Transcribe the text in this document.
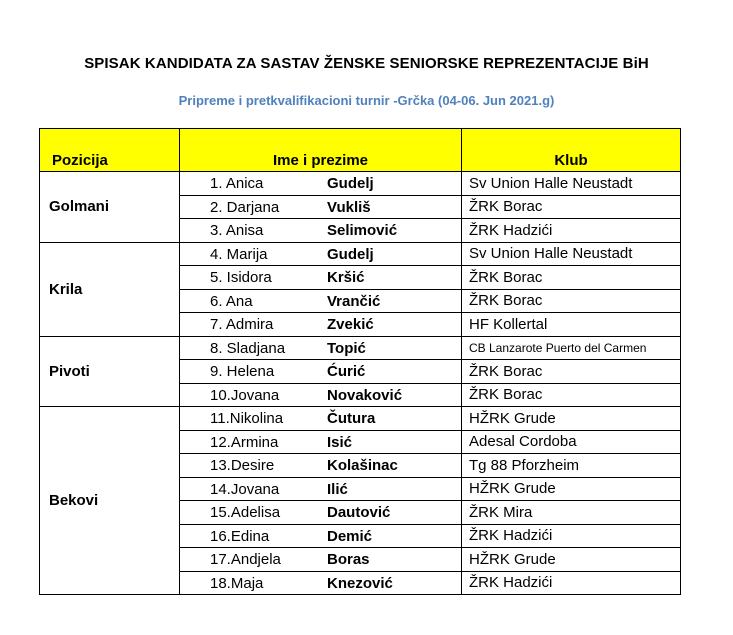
SPISAK KANDIDATA ZA SASTAV ŽENSKE SENIORSKE REPREZENTACIJE BiH
Pripreme i pretkvalifikacioni turnir -Grčka (04-06. Jun 2021.g)
Pozicija	Ime i prezime	Klub
Golmani	1. Anica Gudelj	Sv Union Halle Neustadt

	2. Darjana Vukliš	ŽRK Borac

	3. Anisa Selimović	ŽRK Hadzići
Krila	4. Marija Gudelj	Sv Union Halle Neustadt

	5. Isidora Kršić	ŽRK Borac

	6. Ana Vrančić	ŽRK Borac

	7. Admira Zvekić	HF Kollertal
Pivoti	8. Sladjana Topić	CB Lanzarote Puerto del Carmen

	9. Helena Ćurić	ŽRK Borac

	10.Jovana Novaković	ŽRK Borac
Bekovi	11.Nikolina Čutura	HŽRK Grude

	12.Armina Isić	Adesal Cordoba

	13.Desire Kolašinac	Tg 88 Pforzheim

	14.Jovana Ilić	HŽRK Grude

	15.Adelisa Dautović	ŽRK Mira

	16.Edina Demić	ŽRK Hadzići

	17.Andjela Boras	HŽRK Grude

	18.Maja Knezović	ŽRK Hadzići
